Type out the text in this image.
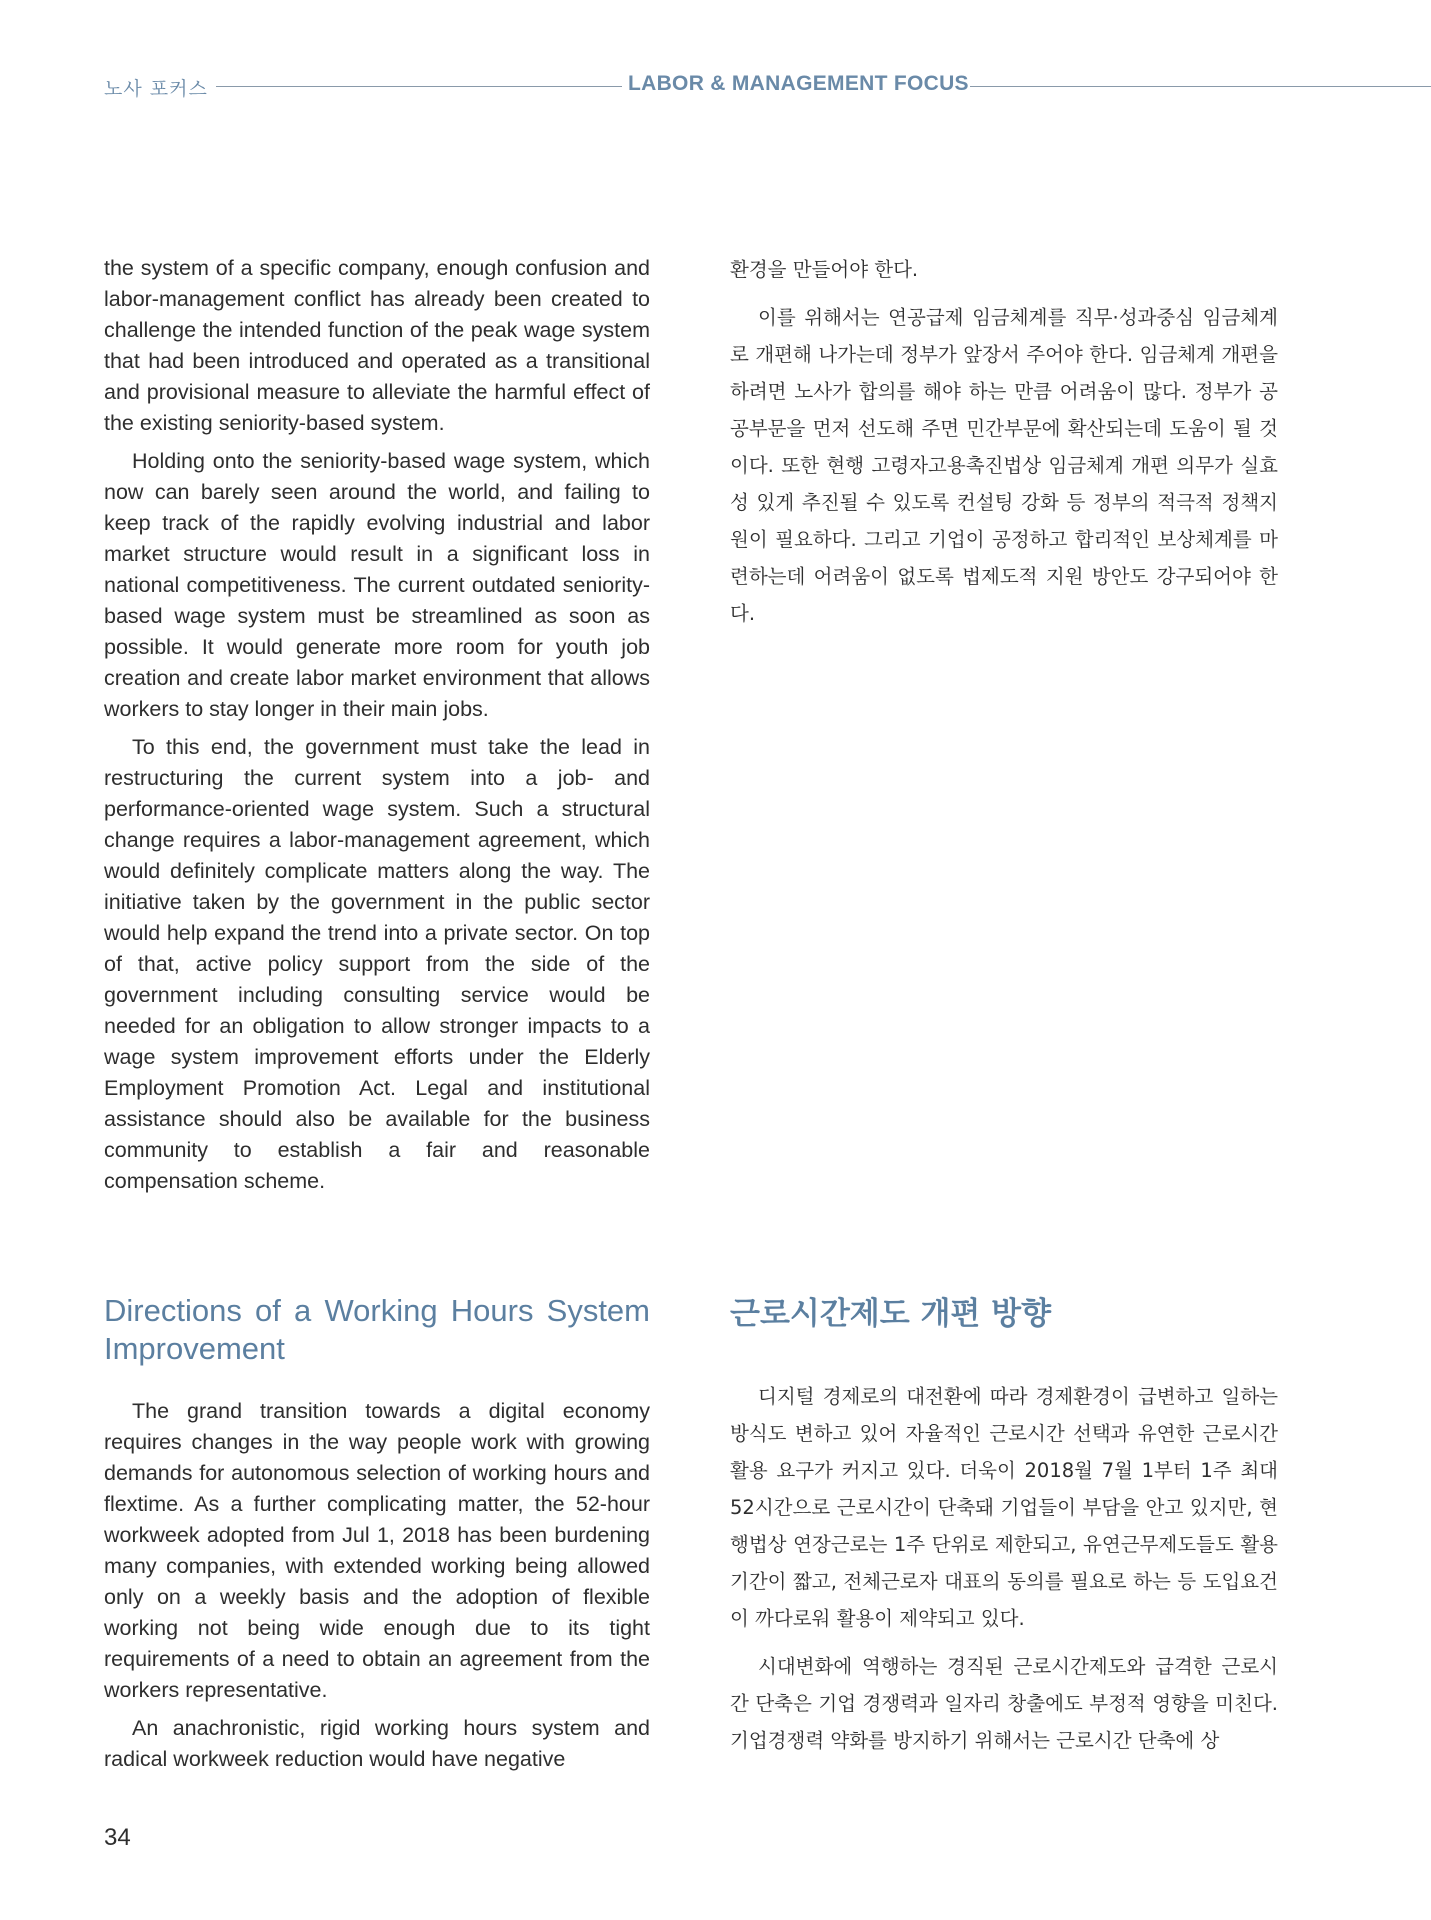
노사 포커스	LABOR & MANAGEMENT FOCUS

the system of a specific company, enough confusion and labor-management conflict has already been created to challenge the intended function of the peak wage system that had been introduced and operated as a transitional and provisional measure to alleviate the harmful effect of the existing seniority-based system.

Holding onto the seniority-based wage system, which now can barely seen around the world, and failing to keep track of the rapidly evolving industrial and labor market structure would result in a significant loss in national competitiveness. The current outdated seniority-based wage system must be streamlined as soon as possible. It would generate more room for youth job creation and create labor market environment that allows workers to stay longer in their main jobs.

To this end, the government must take the lead in restructuring the current system into a job- and performance-oriented wage system. Such a structural change requires a labor-management agreement, which would definitely complicate matters along the way. The initiative taken by the government in the public sector would help expand the trend into a private sector. On top of that, active policy support from the side of the government including consulting service would be needed for an obligation to allow stronger impacts to a wage system improvement efforts under the Elderly Employment Promotion Act. Legal and institutional assistance should also be available for the business community to establish a fair and reasonable compensation scheme.

환경을 만들어야 한다.

이를 위해서는 연공급제 임금체계를 직무·성과중심 임금체계로 개편해 나가는데 정부가 앞장서 주어야 한다. 임금체계 개편을 하려면 노사가 합의를 해야 하는 만큼 어려움이 많다. 정부가 공공부문을 먼저 선도해 주면 민간부문에 확산되는데 도움이 될 것이다. 또한 현행 고령자고용촉진법상 임금체계 개편 의무가 실효성 있게 추진될 수 있도록 컨설팅 강화 등 정부의 적극적 정책지원이 필요하다. 그리고 기업이 공정하고 합리적인 보상체계를 마련하는데 어려움이 없도록 법제도적 지원 방안도 강구되어야 한다.

Directions of a Working Hours System Improvement
근로시간제도 개편 방향

The grand transition towards a digital economy requires changes in the way people work with growing demands for autonomous selection of working hours and flextime. As a further complicating matter, the 52-hour workweek adopted from Jul 1, 2018 has been burdening many companies, with extended working being allowed only on a weekly basis and the adoption of flexible working not being wide enough due to its tight requirements of a need to obtain an agreement from the workers representative.

An anachronistic, rigid working hours system and radical workweek reduction would have negative

디지털 경제로의 대전환에 따라 경제환경이 급변하고 일하는 방식도 변하고 있어 자율적인 근로시간 선택과 유연한 근로시간 활용 요구가 커지고 있다. 더욱이 2018월 7월 1부터 1주 최대 52시간으로 근로시간이 단축돼 기업들이 부담을 안고 있지만, 현행법상 연장근로는 1주 단위로 제한되고, 유연근무제도들도 활용기간이 짧고, 전체근로자 대표의 동의를 필요로 하는 등 도입요건이 까다로워 활용이 제약되고 있다.

시대변화에 역행하는 경직된 근로시간제도와 급격한 근로시간 단축은 기업 경쟁력과 일자리 창출에도 부정적 영향을 미친다. 기업경쟁력 약화를 방지하기 위해서는 근로시간 단축에 상

34
